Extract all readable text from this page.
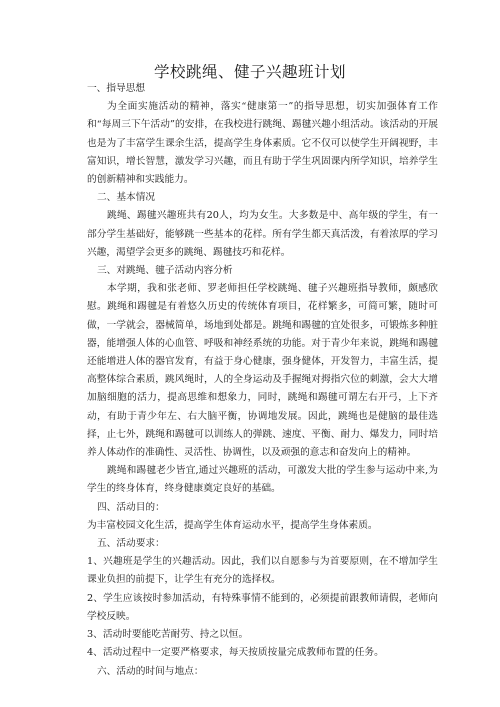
学校跳绳、健子兴趣班计划

一、指导思想

为全面实施活动的精神，落实“健康第一”的指导思想，切实加强体育工作和“每周三下午活动”的安排，在我校进行跳绳、踢毽兴趣小组活动。该活动的开展也是为了丰富学生课余生活，提高学生身体素质。它不仅可以使学生开阔视野，丰富知识，增长智慧，激发学习兴趣，而且有助于学生巩固课内所学知识，培养学生的创新精神和实践能力。

二、基本情况

跳绳、踢毽兴趣班共有20人，均为女生。大多数是中、高年级的学生，有一部分学生基础好，能够跳一些基本的花样。所有学生都天真活泼，有着浓厚的学习兴趣，渴望学会更多的跳绳、踢毽技巧和花样。

三、对跳绳、毽子活动内容分析

本学期，我和张老师、罗老师担任学校跳绳、毽子兴趣班指导教师，颇感欣慰。跳绳和踢毽是有着悠久历史的传统体育项目，花样繁多，可简可繁，随时可做，一学就会，器械简单，场地到处都是。跳绳和踢毽的宜处很多，可锻炼多种脏器，能增强人体的心血管、呼吸和神经系统的功能。对于青少年来说，跳绳和踢毽还能增进人体的器官发育，有益于身心健康，强身健体，开发智力，丰富生活，提高整体综合素质，跳风绳时，人的全身运动及手握绳对拇指穴位的刺激，会大大增加脑细胞的活力，提高思维和想象力，同时，跳绳和踢毽可谓左右开弓，上下齐动，有助于青少年左、右大脑平衡，协调地发展。因此，跳绳也是健脑的最佳选择，止七外，跳绳和踢毽可以训练人的弹跳、速度、平衡、耐力、爆发力，同时培养人体动作的准确性、灵活性、协调性，以及顽强的意志和奋发向上的精神。

跳绳和踢毽老少皆宜,通过兴趣班的活动，可激发大批的学生参与运动中来,为学生的终身体育，终身健康奠定良好的基础。

四、活动目的：

为丰富校园文化生活，提高学生体育运动水平，提高学生身体素质。

五、活动要求：

1、兴趣班是学生的兴趣活动。因此，我们以自愿参与为首要原则，在不增加学生课业负担的前提下，让学生有充分的选择权。

2、学生应该按时参加活动，有特殊事情不能到的，必须提前跟教师请假，老师向学校反映。

3、活动时要能吃苦耐劳、持之以恒。

4、活动过程中一定要严格要求，每天按质按量完成教师布置的任务。

六、活动的时间与地点：
